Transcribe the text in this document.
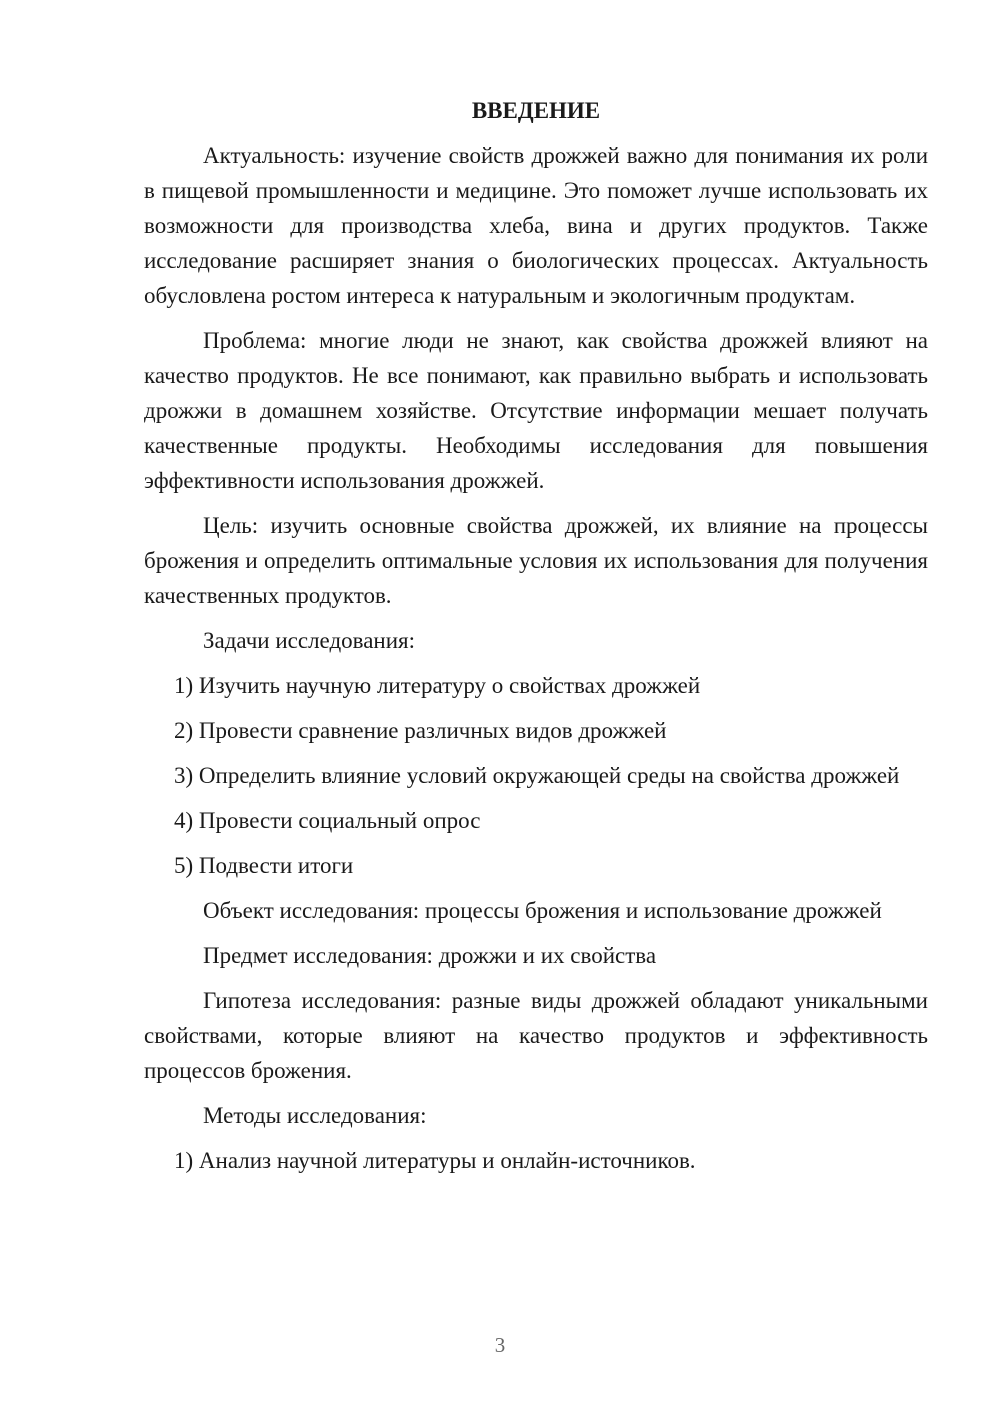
ВВЕДЕНИЕ

Актуальность: изучение свойств дрожжей важно для понимания их роли в пищевой промышленности и медицине. Это поможет лучше использовать их возможности для производства хлеба, вина и других продуктов. Также исследование расширяет знания о биологических процессах. Актуальность обусловлена ростом интереса к натуральным и экологичным продуктам.

Проблема: многие люди не знают, как свойства дрожжей влияют на качество продуктов. Не все понимают, как правильно выбрать и использовать дрожжи в домашнем хозяйстве. Отсутствие информации мешает получать качественные продукты. Необходимы исследования для повышения эффективности использования дрожжей.

Цель: изучить основные свойства дрожжей, их влияние на процессы брожения и определить оптимальные условия их использования для получения качественных продуктов.

Задачи исследования:

1) Изучить научную литературу о свойствах дрожжей

2) Провести сравнение различных видов дрожжей

3) Определить влияние условий окружающей среды на свойства дрожжей

4) Провести социальный опрос

5) Подвести итоги

Объект исследования: процессы брожения и использование дрожжей

Предмет исследования: дрожжи и их свойства

Гипотеза исследования: разные виды дрожжей обладают уникальными свойствами, которые влияют на качество продуктов и эффективность процессов брожения.

Методы исследования:

1) Анализ научной литературы и онлайн-источников.

3
